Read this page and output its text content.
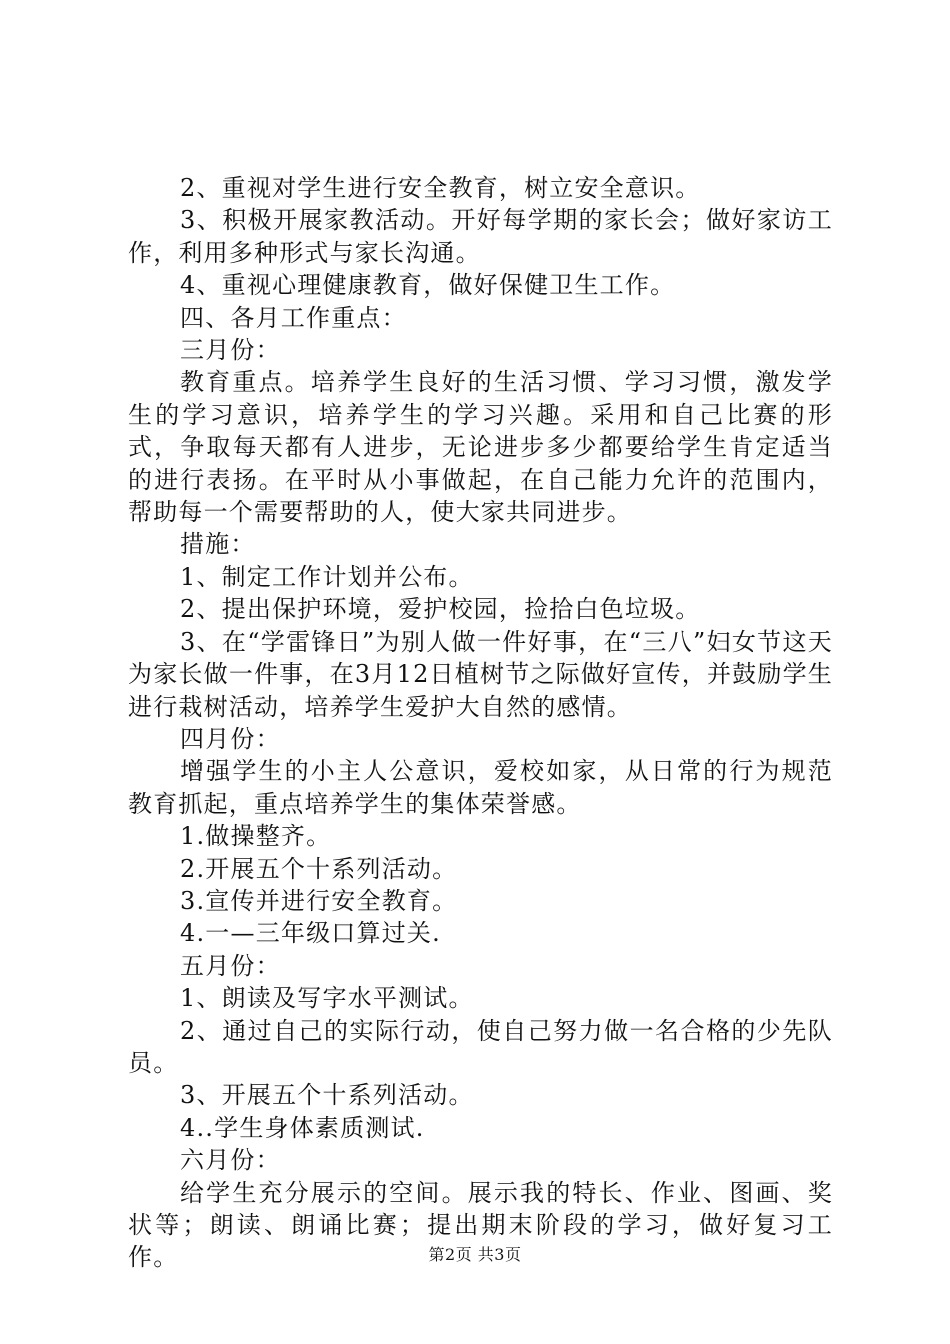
2、重视对学生进行安全教育，树立安全意识。

3、积极开展家教活动。开好每学期的家长会；做好家访工作，利用多种形式与家长沟通。

4、重视心理健康教育，做好保健卫生工作。

四、各月工作重点：

三月份：

教育重点。培养学生良好的生活习惯、学习习惯，激发学生的学习意识，培养学生的学习兴趣。采用和自己比赛的形式，争取每天都有人进步，无论进步多少都要给学生肯定适当的进行表扬。在平时从小事做起，在自己能力允许的范围内，帮助每一个需要帮助的人，使大家共同进步。

措施：

1、制定工作计划并公布。

2、提出保护环境，爱护校园，捡拾白色垃圾。

3、在“学雷锋日”为别人做一件好事，在“三八”妇女节这天为家长做一件事，在3月12日植树节之际做好宣传，并鼓励学生进行栽树活动，培养学生爱护大自然的感情。

四月份：

增强学生的小主人公意识，爱校如家，从日常的行为规范教育抓起，重点培养学生的集体荣誉感。

1.做操整齐。

2.开展五个十系列活动。

3.宣传并进行安全教育。

4.一—三年级口算过关.

五月份：

1、朗读及写字水平测试。

2、通过自己的实际行动，使自己努力做一名合格的少先队员。

3、开展五个十系列活动。

4..学生身体素质测试.

六月份：

给学生充分展示的空间。展示我的特长、作业、图画、奖状等；朗读、朗诵比赛；提出期末阶段的学习，做好复习工作。	第2页 共3页
